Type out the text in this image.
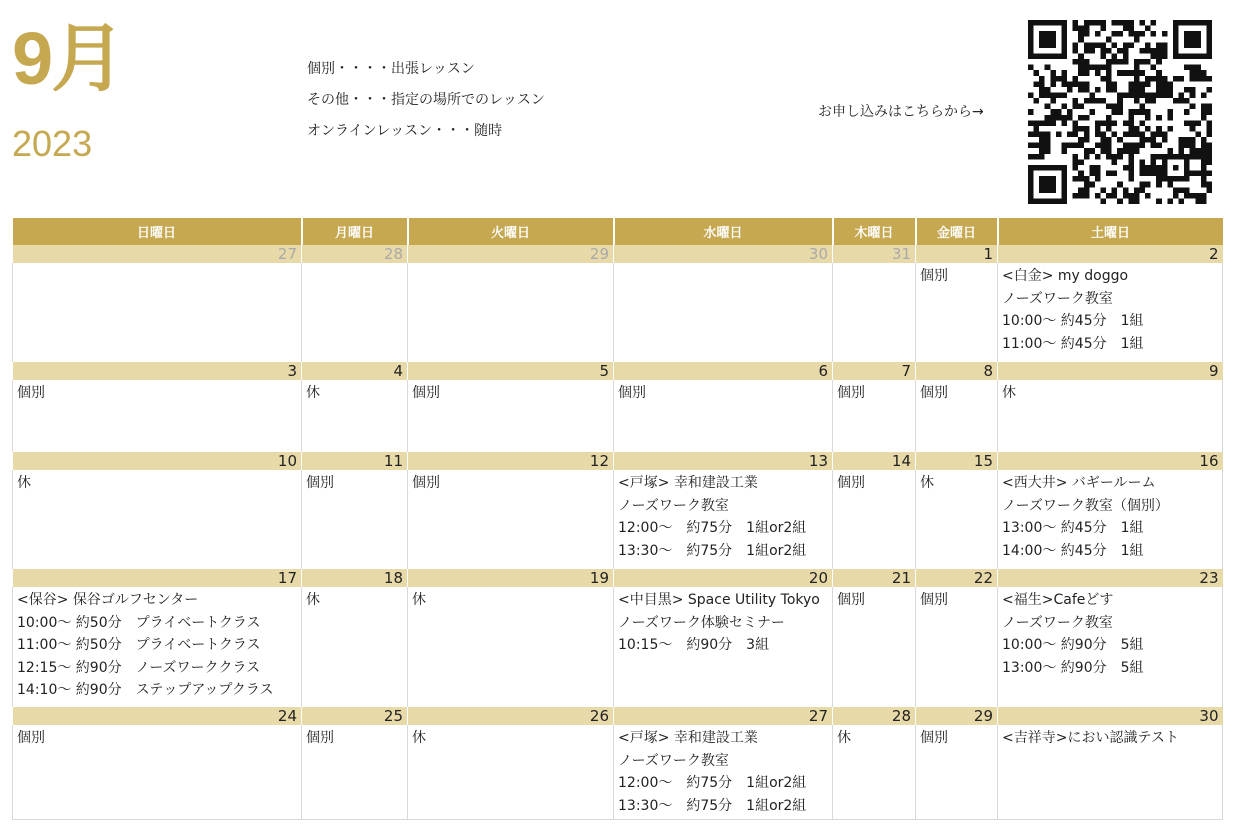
9月
2023
個別・・・・出張レッスン
その他・・・指定の場所でのレッスン
オンラインレッスン・・・随時
お申し込みはこちらから→
日曜日	月曜日	火曜日	水曜日	木曜日	金曜日	土曜日
27	28	29	30	31	1	2

					個別	<白金> my doggo
ノーズワーク教室
10:00〜 約45分　1組
11:00〜 約45分　1組

3	4	5	6	7	8	9

個別	休	個別	個別	個別	個別	休

10	11	12	13	14	15	16

休	個別	個別	<戸塚> 幸和建設工業
ノーズワーク教室
12:00〜　約75分　1組or2組
13:30〜　約75分　1組or2組	個別	休	<西大井> バギールーム
ノーズワーク教室（個別）
13:00〜 約45分　1組
14:00〜 約45分　1組

17	18	19	20	21	22	23

<保谷> 保谷ゴルフセンター
10:00〜 約50分　プライベートクラス
11:00〜 約50分　プライベートクラス
12:15〜 約90分　ノーズワーククラス
14:10〜 約90分　ステップアップクラス	休	休	<中目黒> Space Utility Tokyo
ノーズワーク体験セミナー
10:15〜　約90分　3組	個別	個別	<福生>Cafeどす
ノーズワーク教室
10:00〜 約90分　5組
13:00〜 約90分　5組

24	25	26	27	28	29	30

個別	個別	休	<戸塚> 幸和建設工業
ノーズワーク教室
12:00〜　約75分　1組or2組
13:30〜　約75分　1組or2組	休	個別	<吉祥寺>におい認識テスト
